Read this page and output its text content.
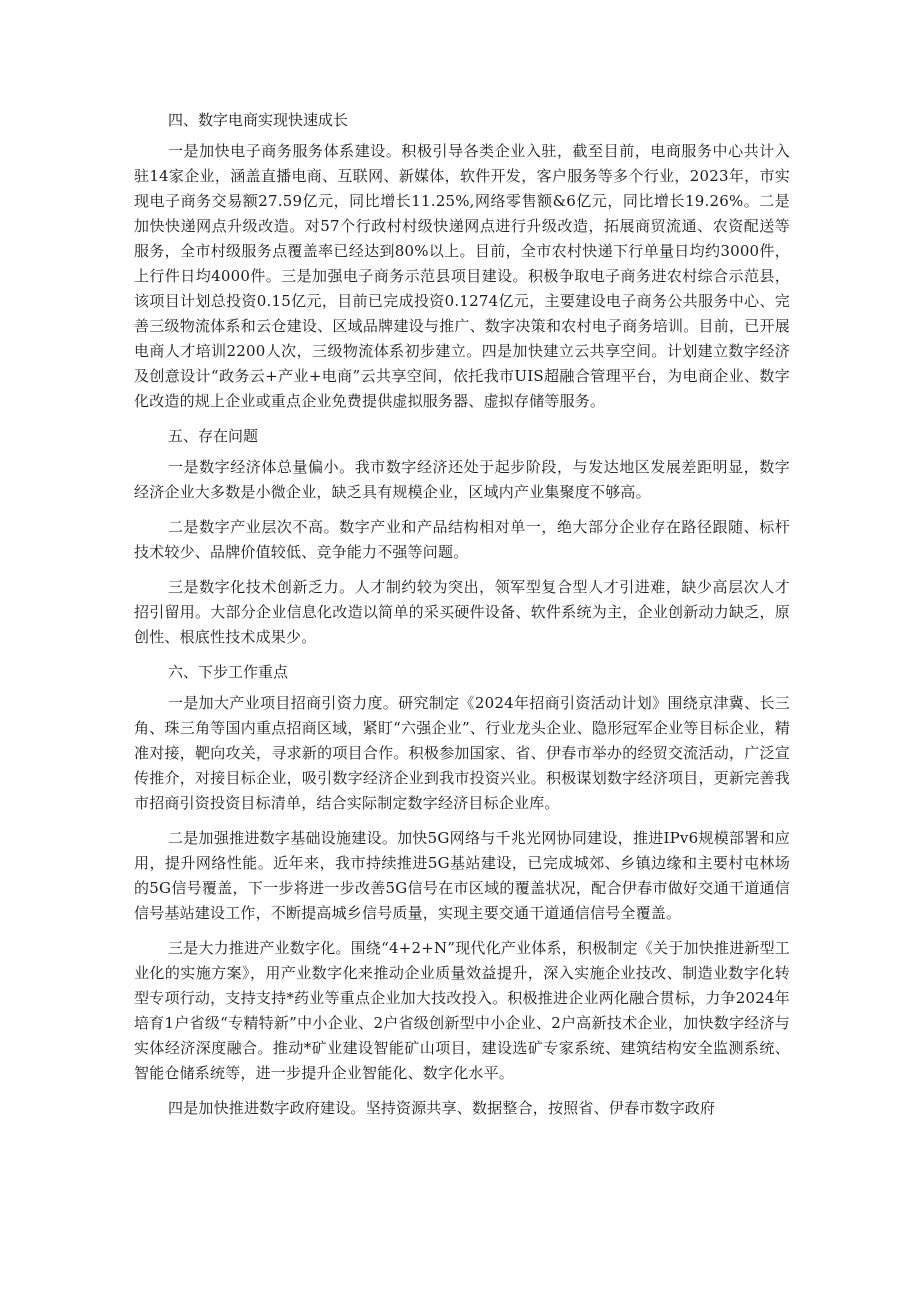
四、数字电商实现快速成长

一是加快电子商务服务体系建设。积极引导各类企业入驻，截至目前，电商服务中心共计入驻14家企业，涵盖直播电商、互联网、新媒体，软件开发，客户服务等多个行业，2023年，市实现电子商务交易额27.59亿元，同比增长11.25%,网络零售额&6亿元，同比增长19.26%。二是加快快递网点升级改造。对57个行政村村级快递网点进行升级改造，拓展商贸流通、农资配送等服务，全市村级服务点覆盖率已经达到80%以上。目前，全市农村快递下行单量日均约3000件，上行件日均4000件。三是加强电子商务示范县项目建设。积极争取电子商务进农村综合示范县，该项目计划总投资0.15亿元，目前已完成投资0.1274亿元，主要建设电子商务公共服务中心、完善三级物流体系和云仓建设、区域品牌建设与推广、数字决策和农村电子商务培训。目前，已开展电商人才培训2200人次，三级物流体系初步建立。四是加快建立云共享空间。计划建立数字经济及创意设计“政务云+产业+电商”云共享空间，依托我市UIS超融合管理平台，为电商企业、数字化改造的规上企业或重点企业免费提供虚拟服务器、虚拟存储等服务。

五、存在问题

一是数字经济体总量偏小。我市数字经济还处于起步阶段，与发达地区发展差距明显，数字经济企业大多数是小微企业，缺乏具有规模企业，区域内产业集聚度不够高。

二是数字产业层次不高。数字产业和产品结构相对单一，绝大部分企业存在路径跟随、标杆技术较少、品牌价值较低、竞争能力不强等问题。

三是数字化技术创新乏力。人才制约较为突出，领军型复合型人才引进难，缺少高层次人才招引留用。大部分企业信息化改造以简单的采买硬件设备、软件系统为主，企业创新动力缺乏，原创性、根底性技术成果少。

六、下步工作重点

一是加大产业项目招商引资力度。研究制定《2024年招商引资活动计划》围绕京津冀、长三角、珠三角等国内重点招商区域，紧盯“六强企业”、行业龙头企业、隐形冠军企业等目标企业，精准对接，靶向攻关，寻求新的项目合作。积极参加国家、省、伊春市举办的经贸交流活动，广泛宣传推介，对接目标企业，吸引数字经济企业到我市投资兴业。积极谋划数字经济项目，更新完善我市招商引资投资目标清单，结合实际制定数字经济目标企业库。

二是加强推进数字基础设施建设。加快5G网络与千兆光网协同建设，推进IPv6规模部署和应用，提升网络性能。近年来，我市持续推进5G基站建设，已完成城郊、乡镇边缘和主要村屯林场的5G信号覆盖，下一步将进一步改善5G信号在市区域的覆盖状况，配合伊春市做好交通干道通信信号基站建设工作，不断提高城乡信号质量，实现主要交通干道通信信号全覆盖。

三是大力推进产业数字化。围绕“4+2+N”现代化产业体系，积极制定《关于加快推进新型工业化的实施方案》，用产业数字化来推动企业质量效益提升，深入实施企业技改、制造业数字化转型专项行动，支持支持*药业等重点企业加大技改投入。积极推进企业两化融合贯标，力争2024年培育1户省级“专精特新”中小企业、2户省级创新型中小企业、2户高新技术企业，加快数字经济与实体经济深度融合。推动*矿业建设智能矿山项目，建设选矿专家系统、建筑结构安全监测系统、智能仓储系统等，进一步提升企业智能化、数字化水平。

四是加快推进数字政府建设。坚持资源共享、数据整合，按照省、伊春市数字政府
